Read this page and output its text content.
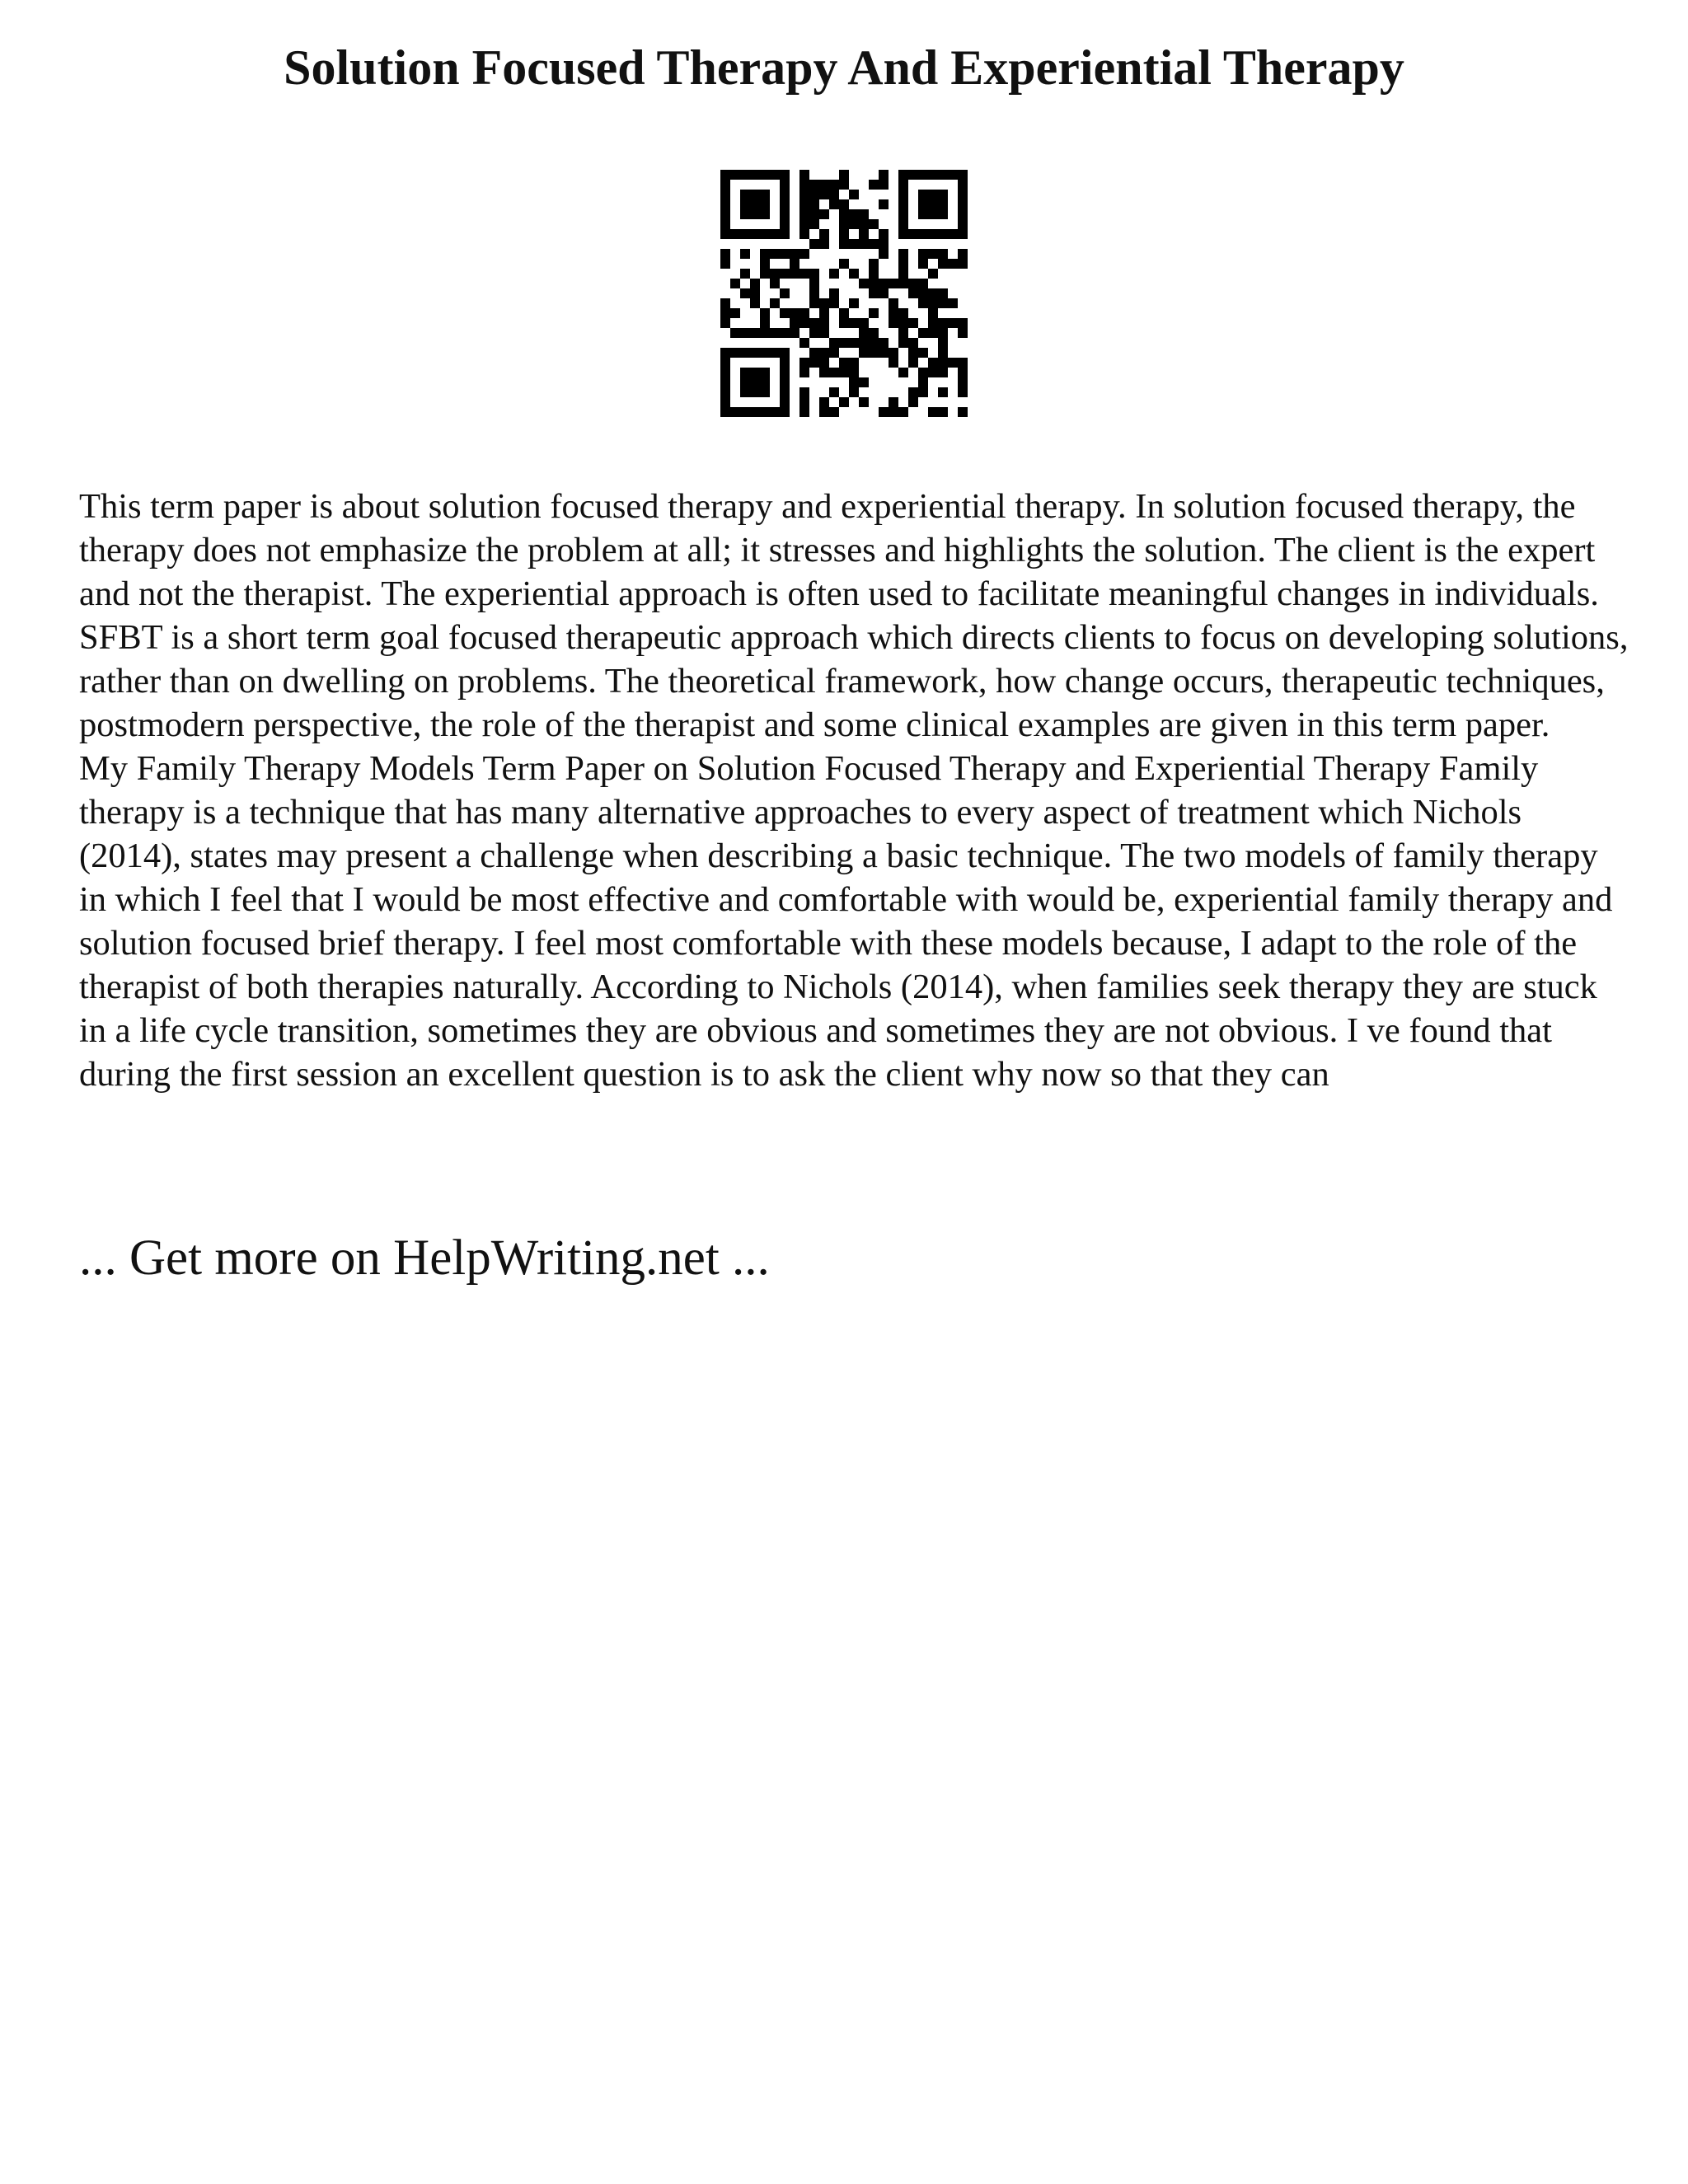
Solution Focused Therapy And Experiential Therapy

This term paper is about solution focused therapy and experiential therapy. In solution focused therapy, the therapy does not emphasize the problem at all; it stresses and highlights the solution. The client is the expert and not the therapist. The experiential approach is often used to facilitate meaningful changes in individuals. SFBT is a short term goal focused therapeutic approach which directs clients to focus on developing solutions, rather than on dwelling on problems. The theoretical framework, how change occurs, therapeutic techniques, postmodern perspective, the role of the therapist and some clinical examples are given in this term paper.

My Family Therapy Models Term Paper on Solution Focused Therapy and Experiential Therapy Family therapy is a technique that has many alternative approaches to every aspect of treatment which Nichols (2014), states may present a challenge when describing a basic technique. The two models of family therapy in which I feel that I would be most effective and comfortable with would be, experiential family therapy and solution focused brief therapy. I feel most comfortable with these models because, I adapt to the role of the therapist of both therapies naturally. According to Nichols (2014), when families seek therapy they are stuck in a life cycle transition, sometimes they are obvious and sometimes they are not obvious. I ve found that during the first session an excellent question is to ask the client why now so that they can

... Get more on HelpWriting.net ...
